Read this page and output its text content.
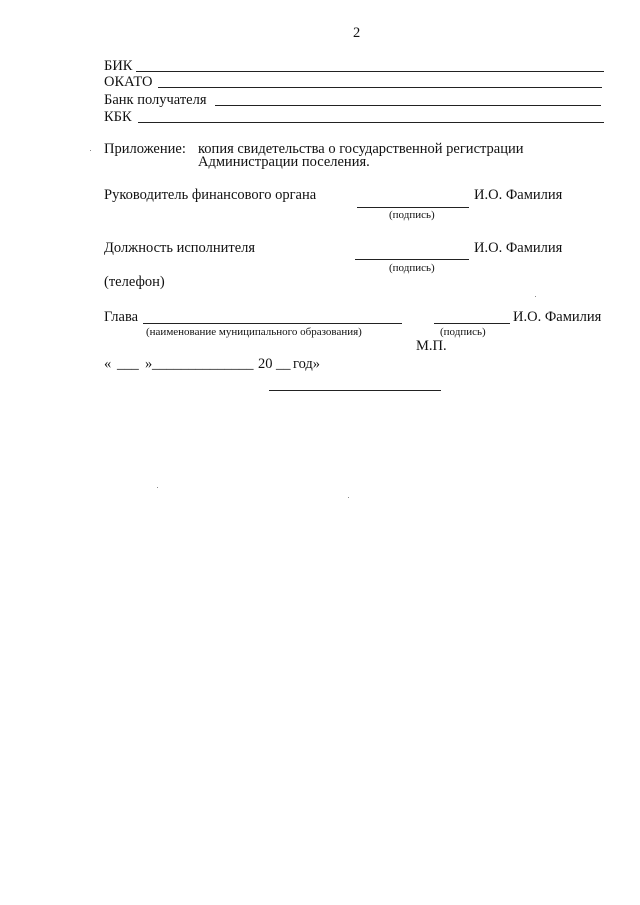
2
БИК
ОКАТО
Банк получателя
КБК
Приложение: копия свидетельства о государственной регистрации
Администрации поселения.
Руководитель финансового органа	И.О. Фамилия
(подпись)
Должность исполнителя	И.О. Фамилия
(подпись)
(телефон)
Глава
(наименование муниципального образования)
И.О. Фамилия
(подпись)
М.П.
« ___ » ______________ 20 __ год»
